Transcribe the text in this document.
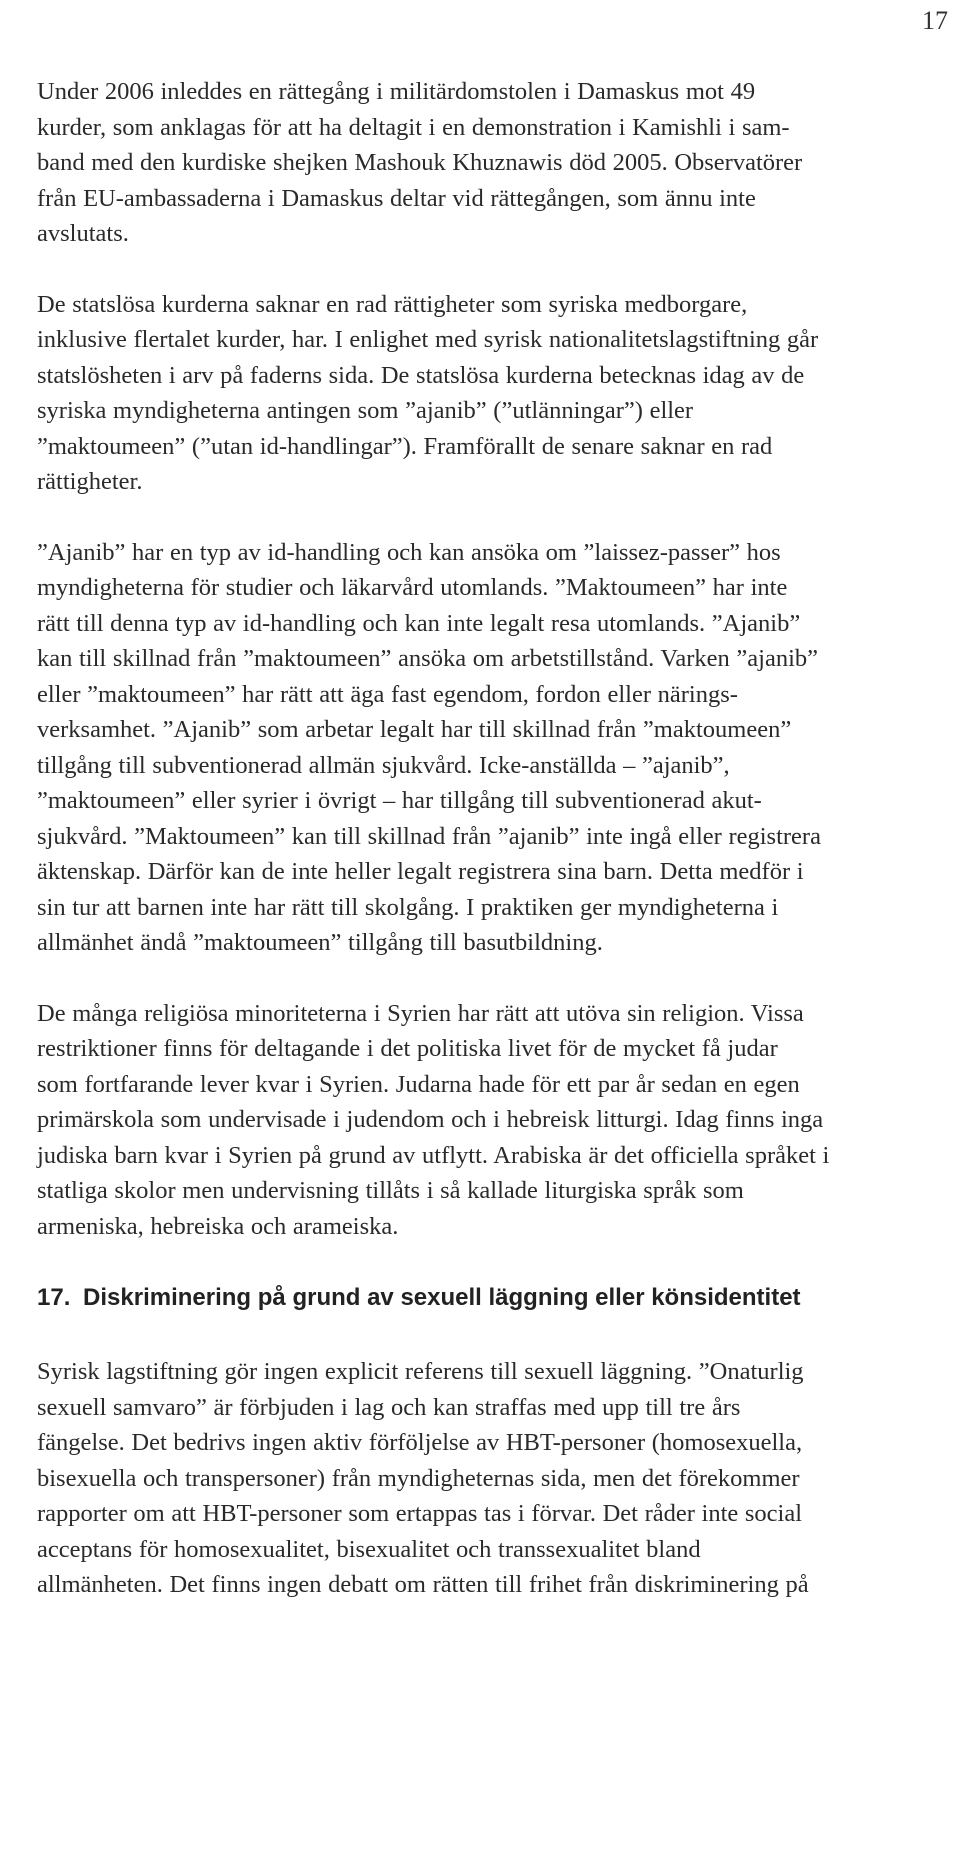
17

Under 2006 inleddes en rättegång i militärdomstolen i Damaskus mot 49
kurder, som anklagas för att ha deltagit i en demonstration i Kamishli i sam-
band med den kurdiske shejken Mashouk Khuznawis död 2005. Observatörer
från EU-ambassaderna i Damaskus deltar vid rättegången, som ännu inte
avslutats.

De statslösa kurderna saknar en rad rättigheter som syriska medborgare,
inklusive flertalet kurder, har. I enlighet med syrisk nationalitetslagstiftning går
statslösheten i arv på faderns sida. De statslösa kurderna betecknas idag av de
syriska myndigheterna antingen som ”ajanib” (”utlänningar”) eller
”maktoumeen” (”utan id-handlingar”). Framförallt de senare saknar en rad
rättigheter.

”Ajanib” har en typ av id-handling och kan ansöka om ”laissez-passer” hos
myndigheterna för studier och läkarvård utomlands. ”Maktoumeen” har inte
rätt till denna typ av id-handling och kan inte legalt resa utomlands. ”Ajanib”
kan till skillnad från ”maktoumeen” ansöka om arbetstillstånd. Varken ”ajanib”
eller ”maktoumeen” har rätt att äga fast egendom, fordon eller närings-
verksamhet. ”Ajanib” som arbetar legalt har till skillnad från ”maktoumeen”
tillgång till subventionerad allmän sjukvård. Icke-anställda – ”ajanib”,
”maktoumeen” eller syrier i övrigt – har tillgång till subventionerad akut-
sjukvård. ”Maktoumeen” kan till skillnad från ”ajanib” inte ingå eller registrera
äktenskap. Därför kan de inte heller legalt registrera sina barn. Detta medför i
sin tur att barnen inte har rätt till skolgång. I praktiken ger myndigheterna i
allmänhet ändå ”maktoumeen” tillgång till basutbildning.

De många religiösa minoriteterna i Syrien har rätt att utöva sin religion. Vissa
restriktioner finns för deltagande i det politiska livet för de mycket få judar
som fortfarande lever kvar i Syrien. Judarna hade för ett par år sedan en egen
primärskola som undervisade i judendom och i hebreisk litturgi. Idag finns inga
judiska barn kvar i Syrien på grund av utflytt. Arabiska är det officiella språket i
statliga skolor men undervisning tillåts i så kallade liturgiska språk som
armeniska, hebreiska och arameiska.

17. Diskriminering på grund av sexuell läggning eller könsidentitet

Syrisk lagstiftning gör ingen explicit referens till sexuell läggning. ”Onaturlig
sexuell samvaro” är förbjuden i lag och kan straffas med upp till tre års
fängelse. Det bedrivs ingen aktiv förföljelse av HBT-personer (homosexuella,
bisexuella och transpersoner) från myndigheternas sida, men det förekommer
rapporter om att HBT-personer som ertappas tas i förvar. Det råder inte social
acceptans för homosexualitet, bisexualitet och transsexualitet bland
allmänheten. Det finns ingen debatt om rätten till frihet från diskriminering på
